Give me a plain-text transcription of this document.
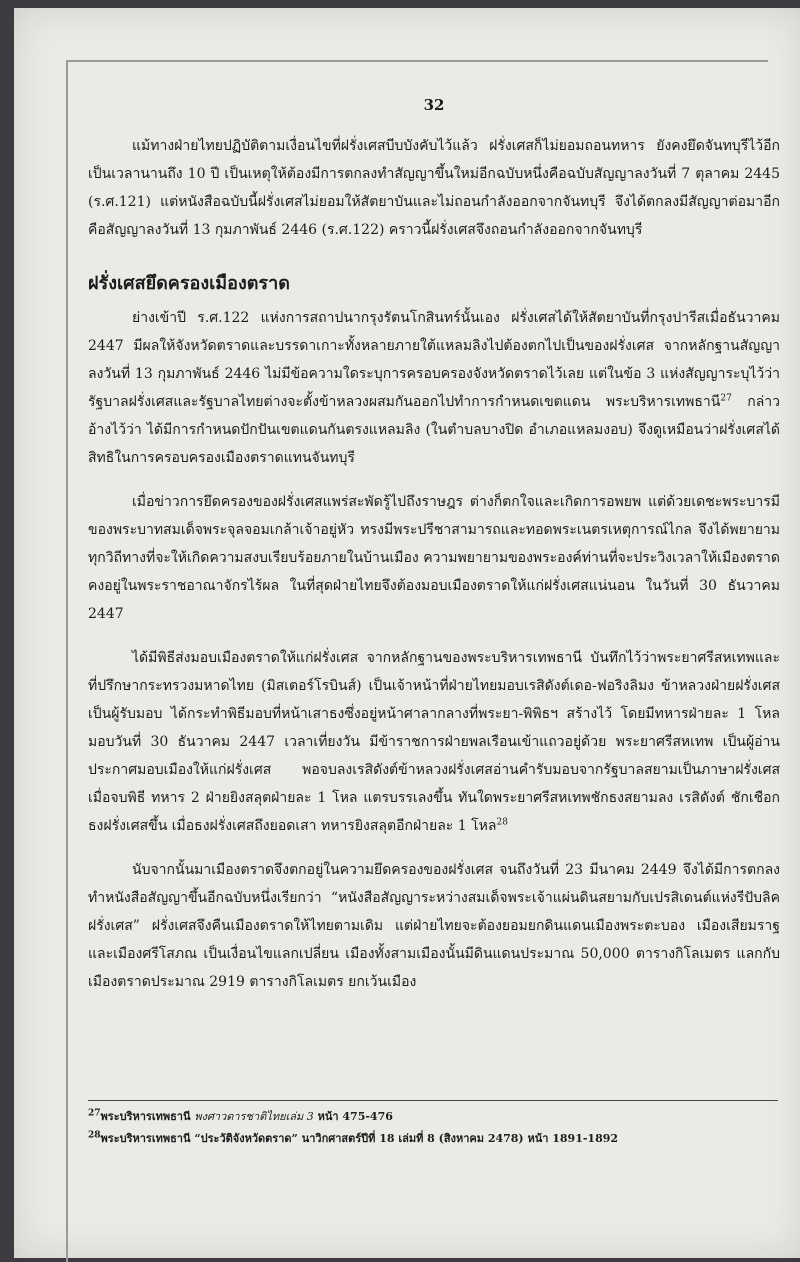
32

แม้ทางฝ่ายไทยปฏิบัติตามเงื่อนไขที่ฝรั่งเศสบีบบังคับไว้แล้ว ฝรั่งเศสก็ไม่ยอมถอนทหาร ยังคงยึดจันทบุรีไว้อีกเป็นเวลานานถึง 10 ปี เป็นเหตุให้ต้องมีการตกลงทำสัญญาขึ้นใหม่อีกฉบับหนึ่งคือฉบับสัญญาลงวันที่ 7 ตุลาคม 2445 (ร.ศ.121) แต่หนังสือฉบับนี้ฝรั่งเศสไม่ยอมให้สัตยาบันและไม่ถอนกำลังออกจากจันทบุรี จึงได้ตกลงมีสัญญาต่อมาอีก คือสัญญาลงวันที่ 13 กุมภาพันธ์ 2446 (ร.ศ.122) คราวนี้ฝรั่งเศสจึงถอนกำลังออกจากจันทบุรี

ฝรั่งเศสยึดครองเมืองตราด

ย่างเข้าปี ร.ศ.122 แห่งการสถาปนากรุงรัตนโกสินทร์นั้นเอง ฝรั่งเศสได้ให้สัตยาบันที่กรุงปารีสเมื่อธันวาคม 2447 มีผลให้จังหวัดตราดและบรรดาเกาะทั้งหลายภายใต้แหลมลิงไปต้องตกไปเป็นของฝรั่งเศส จากหลักฐานสัญญาลงวันที่ 13 กุมภาพันธ์ 2446 ไม่มีข้อความใดระบุการครอบครองจังหวัดตราดไว้เลย แต่ในข้อ 3 แห่งสัญญาระบุไว้ว่า รัฐบาลฝรั่งเศสและรัฐบาลไทยต่างจะตั้งข้าหลวงผสมกันออกไปทำการกำหนดเขตแดน พระบริหารเทพธานี$^{27}$ กล่าวอ้างไว้ว่า ได้มีการกำหนดปักปันเขตแดนกันตรงแหลมลิง (ในตำบลบางปิด อำเภอแหลมงอบ) จึงดูเหมือนว่าฝรั่งเศสได้สิทธิในการครอบครองเมืองตราดแทนจันทบุรี

เมื่อข่าวการยึดครองของฝรั่งเศสแพร่สะพัดรู้ไปถึงราษฎร ต่างก็ตกใจและเกิดการอพยพ แต่ด้วยเดชะพระบารมีของพระบาทสมเด็จพระจุลจอมเกล้าเจ้าอยู่หัว ทรงมีพระปรีชาสามารถและทอดพระเนตรเหตุการณ์ไกล จึงได้พยายามทุกวิถีทางที่จะให้เกิดความสงบเรียบร้อยภายในบ้านเมือง ความพยายามของพระองค์ท่านที่จะประวิงเวลาให้เมืองตราดคงอยู่ในพระราชอาณาจักรไร้ผล ในที่สุดฝ่ายไทยจึงต้องมอบเมืองตราดให้แก่ฝรั่งเศสแน่นอน ในวันที่ 30 ธันวาคม 2447

ได้มีพิธีส่งมอบเมืองตราดให้แก่ฝรั่งเศส จากหลักฐานของพระบริหารเทพธานี บันทึกไว้ว่าพระยาศรีสหเทพและที่ปรึกษากระทรวงมหาดไทย (มิสเตอร์โรบินส์) เป็นเจ้าหน้าที่ฝ่ายไทยมอบเรสิดังต์เดอ-ฟอริงลิมง ข้าหลวงฝ่ายฝรั่งเศสเป็นผู้รับมอบ ได้กระทำพิธีมอบที่หน้าเสาธงซึ่งอยู่หน้าศาลากลางที่พระยา-พิพิธฯ สร้างไว้ โดยมีทหารฝ่ายละ 1 โหล มอบวันที่ 30 ธันวาคม 2447 เวลาเที่ยงวัน มีข้าราชการฝ่ายพลเรือนเข้าแถวอยู่ด้วย พระยาศรีสหเทพ เป็นผู้อ่านประกาศมอบเมืองให้แก่ฝรั่งเศส พอจบลงเรสิดังต์ข้าหลวงฝรั่งเศสอ่านคำรับมอบจากรัฐบาลสยามเป็นภาษาฝรั่งเศส เมื่อจบพิธี ทหาร 2 ฝ่ายยิงสลุตฝ่ายละ 1 โหล แตรบรรเลงขึ้น ทันใดพระยาศรีสหเทพชักธงสยามลง เรสิดังต์ ชักเชือกธงฝรั่งเศสขึ้น เมื่อธงฝรั่งเศสถึงยอดเสา ทหารยิงสลุตอีกฝ่ายละ 1 โหล$^{28}$

นับจากนั้นมาเมืองตราดจึงตกอยู่ในความยึดครองของฝรั่งเศส จนถึงวันที่ 23 มีนาคม 2449 จึงได้มีการตกลงทำหนังสือสัญญาขึ้นอีกฉบับหนึ่งเรียกว่า “หนังสือสัญญาระหว่างสมเด็จพระเจ้าแผ่นดินสยามกับเปรสิเดนต์แห่งรีปับลิคฝรั่งเศส” ฝรั่งเศสจึงคืนเมืองตราดให้ไทยตามเดิม แต่ฝ่ายไทยจะต้องยอมยกดินแดนเมืองพระตะบอง เมืองเสียมราฐและเมืองศรีโสภณ เป็นเงื่อนไขแลกเปลี่ยน เมืองทั้งสามเมืองนั้นมีดินแดนประมาณ 50,000 ตารางกิโลเมตร แลกกับเมืองตราดประมาณ 2919 ตารางกิโลเมตร ยกเว้นเมือง

$^{27}$พระบริหารเทพธานี พงศาวดารชาติไทยเล่ม 3 หน้า 475-476

$^{28}$พระบริหารเทพธานี “ประวัติจังหวัดตราด” นาวิกศาสตร์ปีที่ 18 เล่มที่ 8 (สิงหาคม 2478) หน้า 1891-1892
